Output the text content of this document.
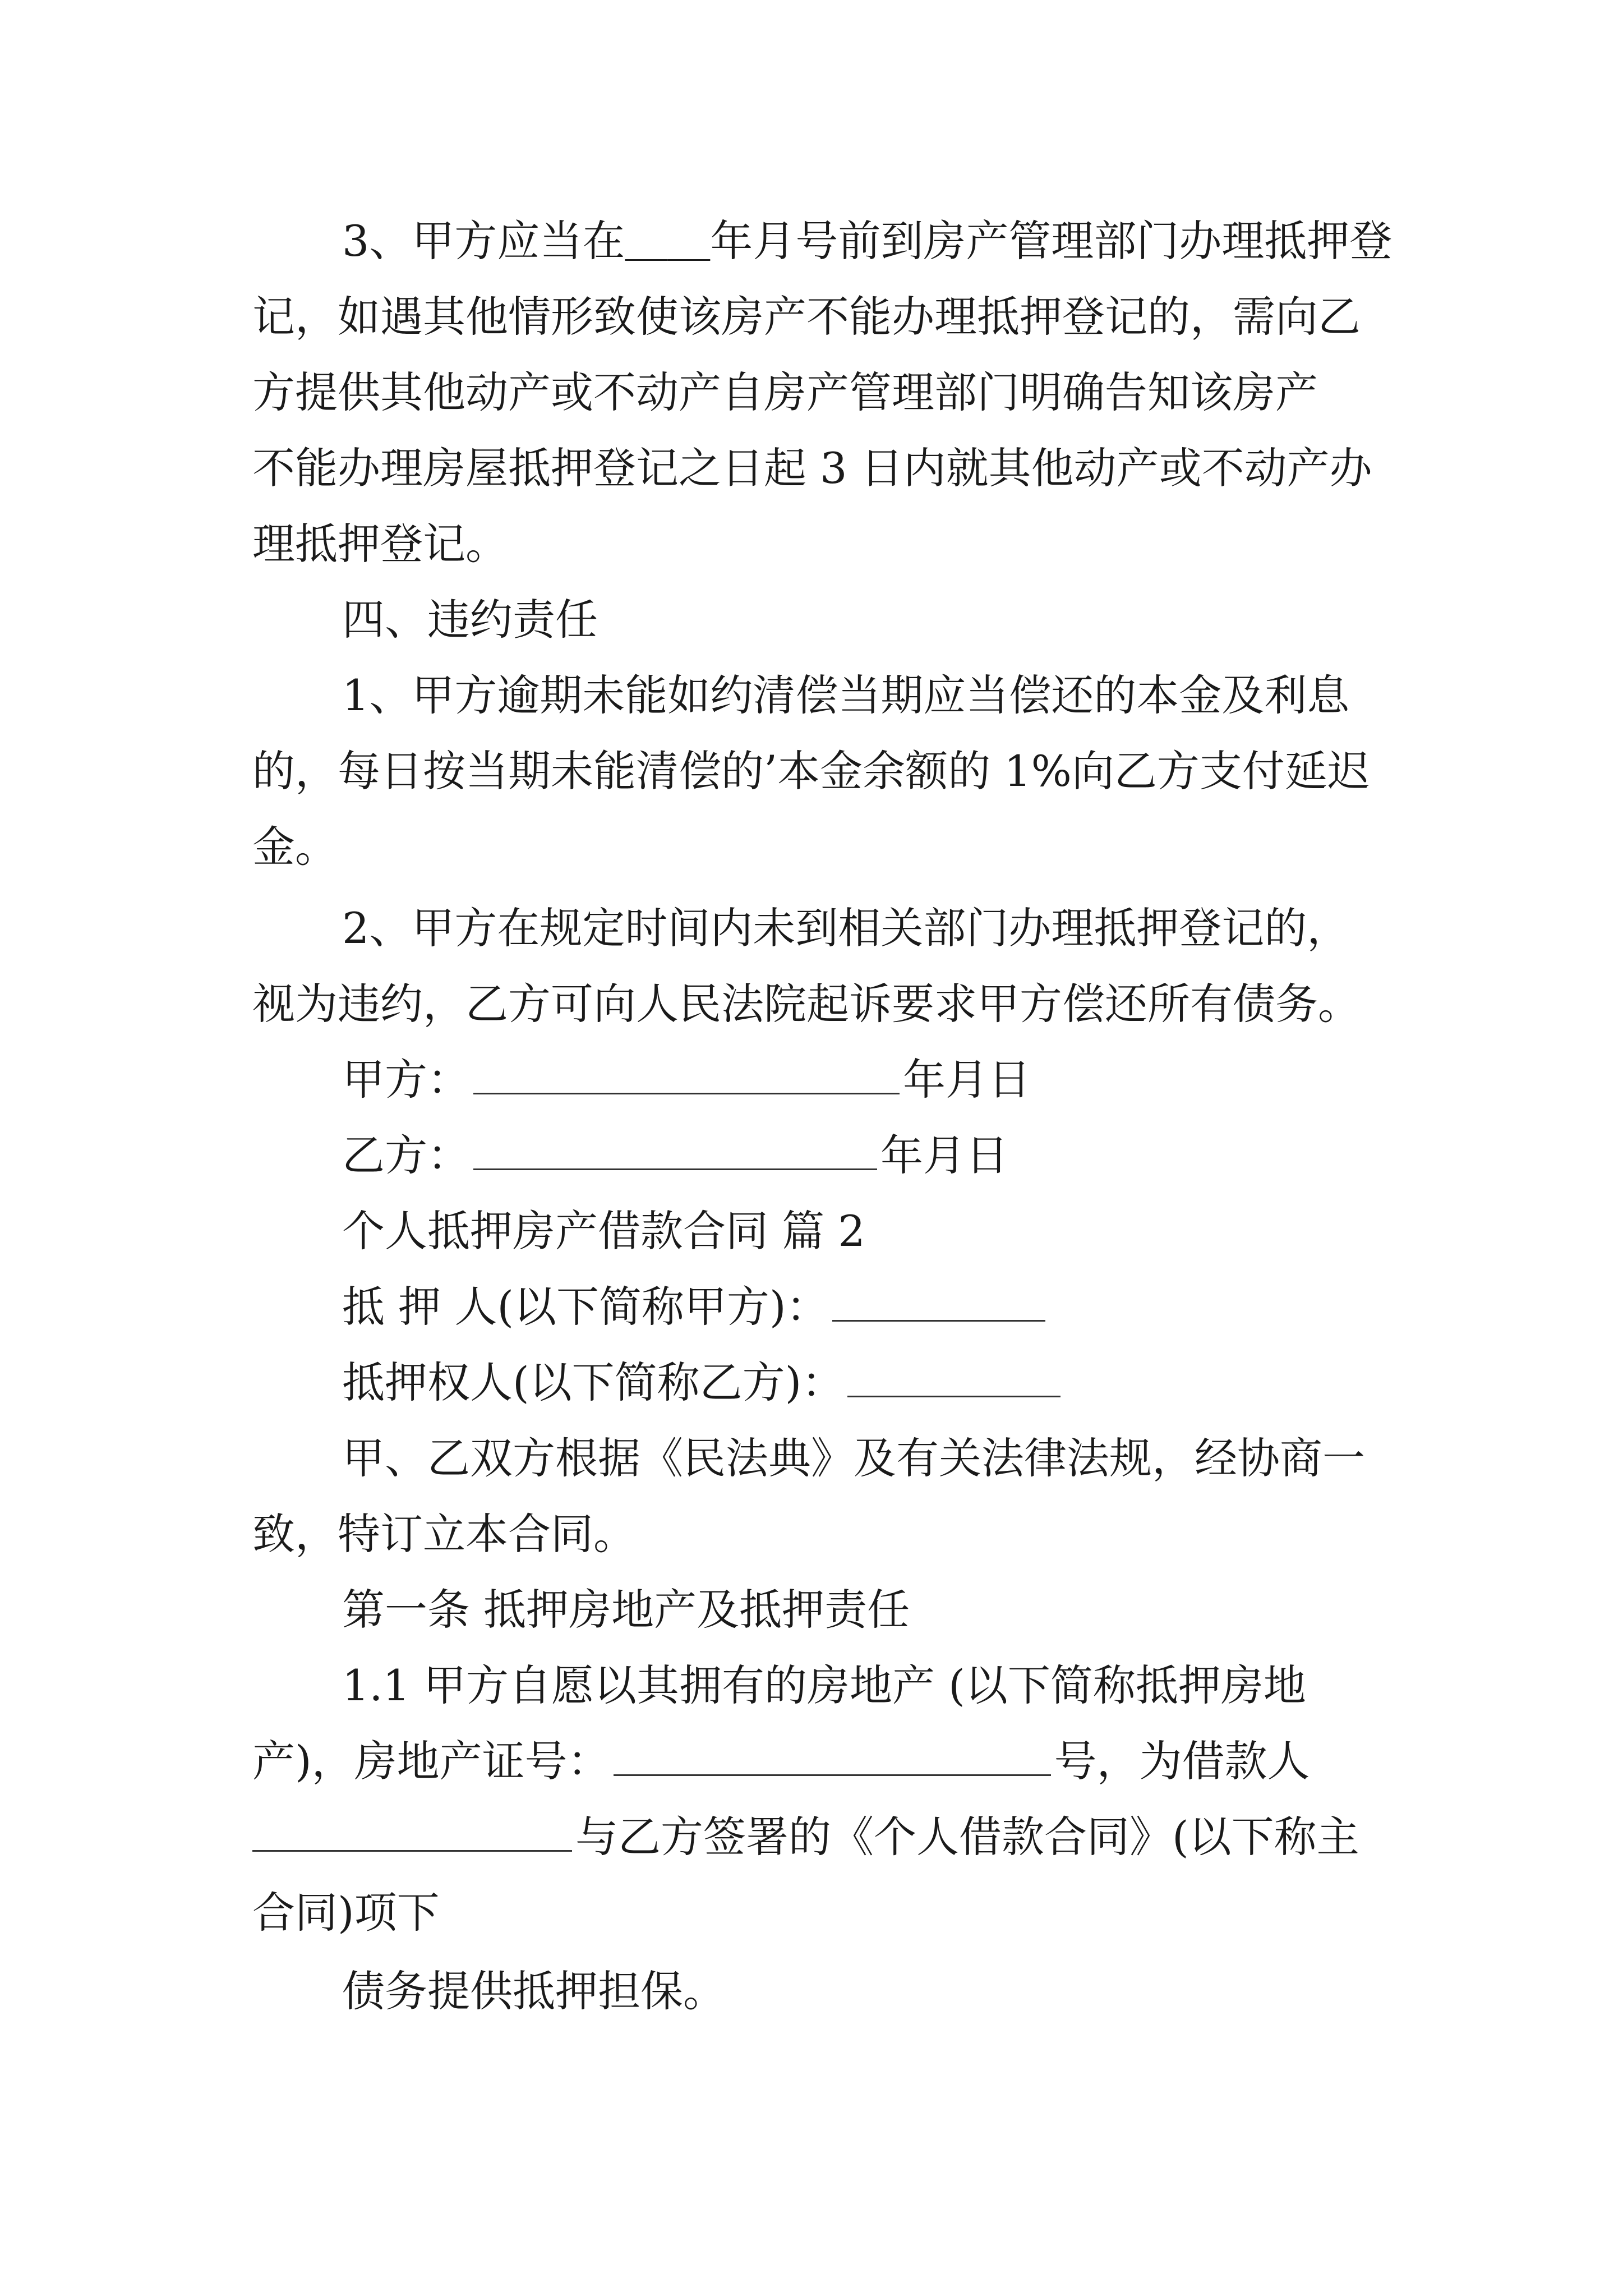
3、甲方应当在＿＿年月号前到房产管理部门办理抵押登
记，如遇其他情形致使该房产不能办理抵押登记的，需向乙
方提供其他动产或不动产自房产管理部门明确告知该房产
不能办理房屋抵押登记之日起 3 日内就其他动产或不动产办
理抵押登记。
四、违约责任
1、甲方逾期未能如约清偿当期应当偿还的本金及利息
的，每日按当期未能清偿的’本金余额的 1%向乙方支付延迟
金。
2、甲方在规定时间内未到相关部门办理抵押登记的，
视为违约，乙方可向人民法院起诉要求甲方偿还所有债务。
甲方：	年月日
乙方：	年月日
个人抵押房产借款合同 篇 2
抵 押 人(以下简称甲方)：
抵押权人(以下简称乙方)：
甲、乙双方根据《民法典》及有关法律法规，经协商一
致，特订立本合同。
第一条 抵押房地产及抵押责任
1.1 甲方自愿以其拥有的房地产 (以下简称抵押房地
产)，房地产证号：	号，为借款人
与乙方签署的《个人借款合同》(以下称主
合同)项下
债务提供抵押担保。
